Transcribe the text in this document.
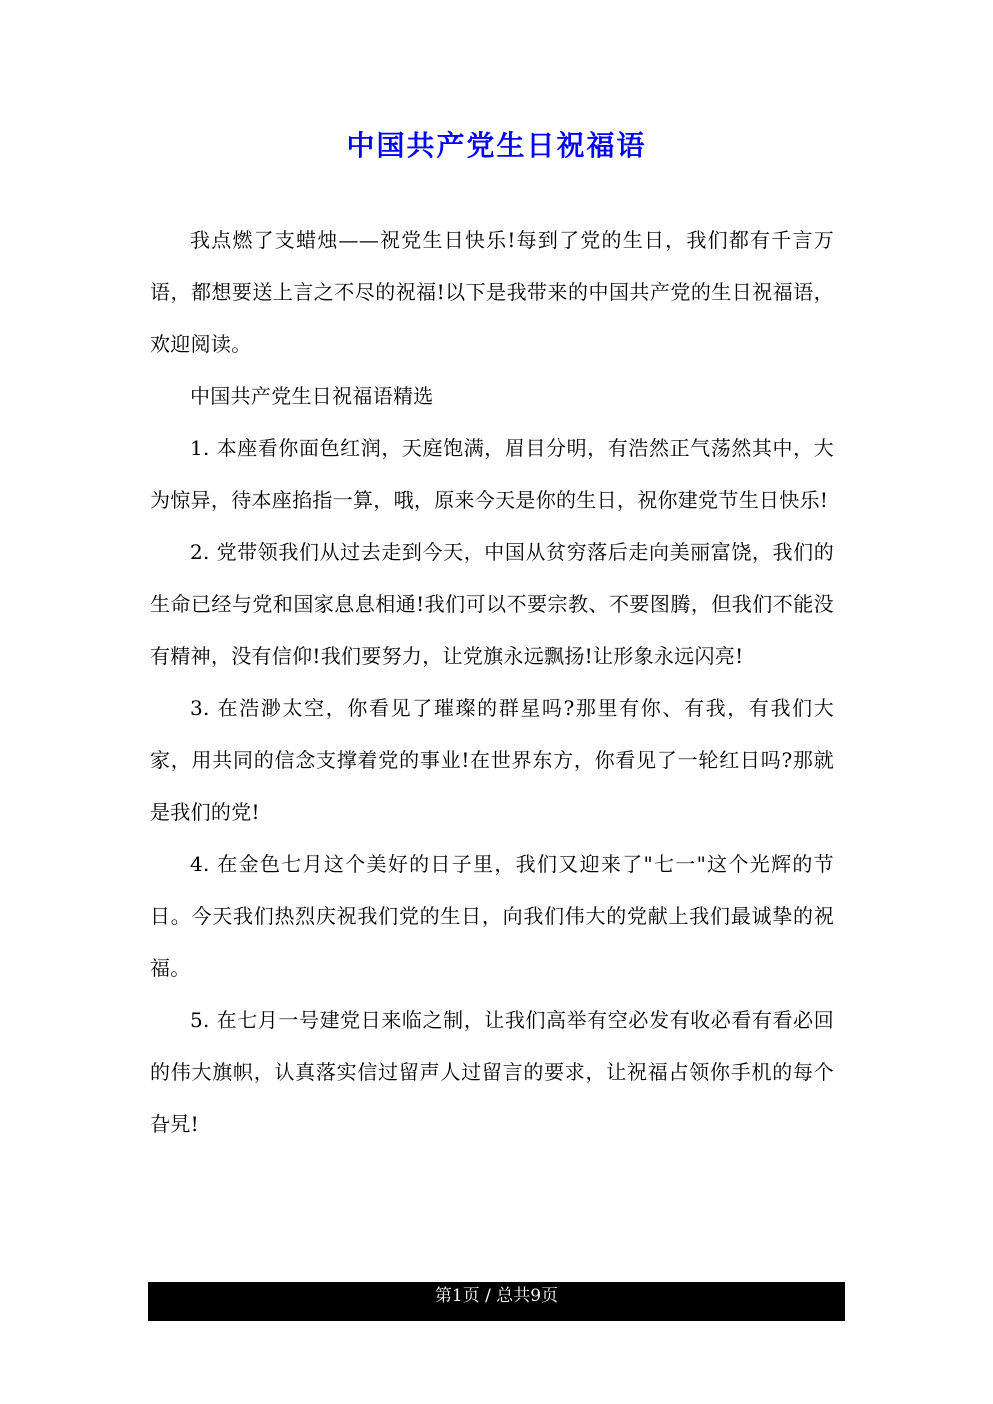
中国共产党生日祝福语

我点燃了支蜡烛——祝党生日快乐!每到了党的生日，我们都有千言万语，都想要送上言之不尽的祝福!以下是我带来的中国共产党的生日祝福语，欢迎阅读。

中国共产党生日祝福语精选

1. 本座看你面色红润，天庭饱满，眉目分明，有浩然正气荡然其中，大为惊异，待本座掐指一算，哦，原来今天是你的生日，祝你建党节生日快乐!

2. 党带领我们从过去走到今天，中国从贫穷落后走向美丽富饶，我们的生命已经与党和国家息息相通!我们可以不要宗教、不要图腾，但我们不能没有精神，没有信仰!我们要努力，让党旗永远飘扬!让形象永远闪亮!

3. 在浩渺太空，你看见了璀璨的群星吗?那里有你、有我，有我们大家，用共同的信念支撑着党的事业!在世界东方，你看见了一轮红日吗?那就是我们的党!

4. 在金色七月这个美好的日子里，我们又迎来了"七一"这个光辉的节日。今天我们热烈庆祝我们党的生日，向我们伟大的党献上我们最诚挚的祝福。

5. 在七月一号建党日来临之制，让我们高举有空必发有收必看有看必回的伟大旗帜，认真落实信过留声人过留言的要求，让祝福占领你手机的每个旮旯!

第1页 / 总共9页
